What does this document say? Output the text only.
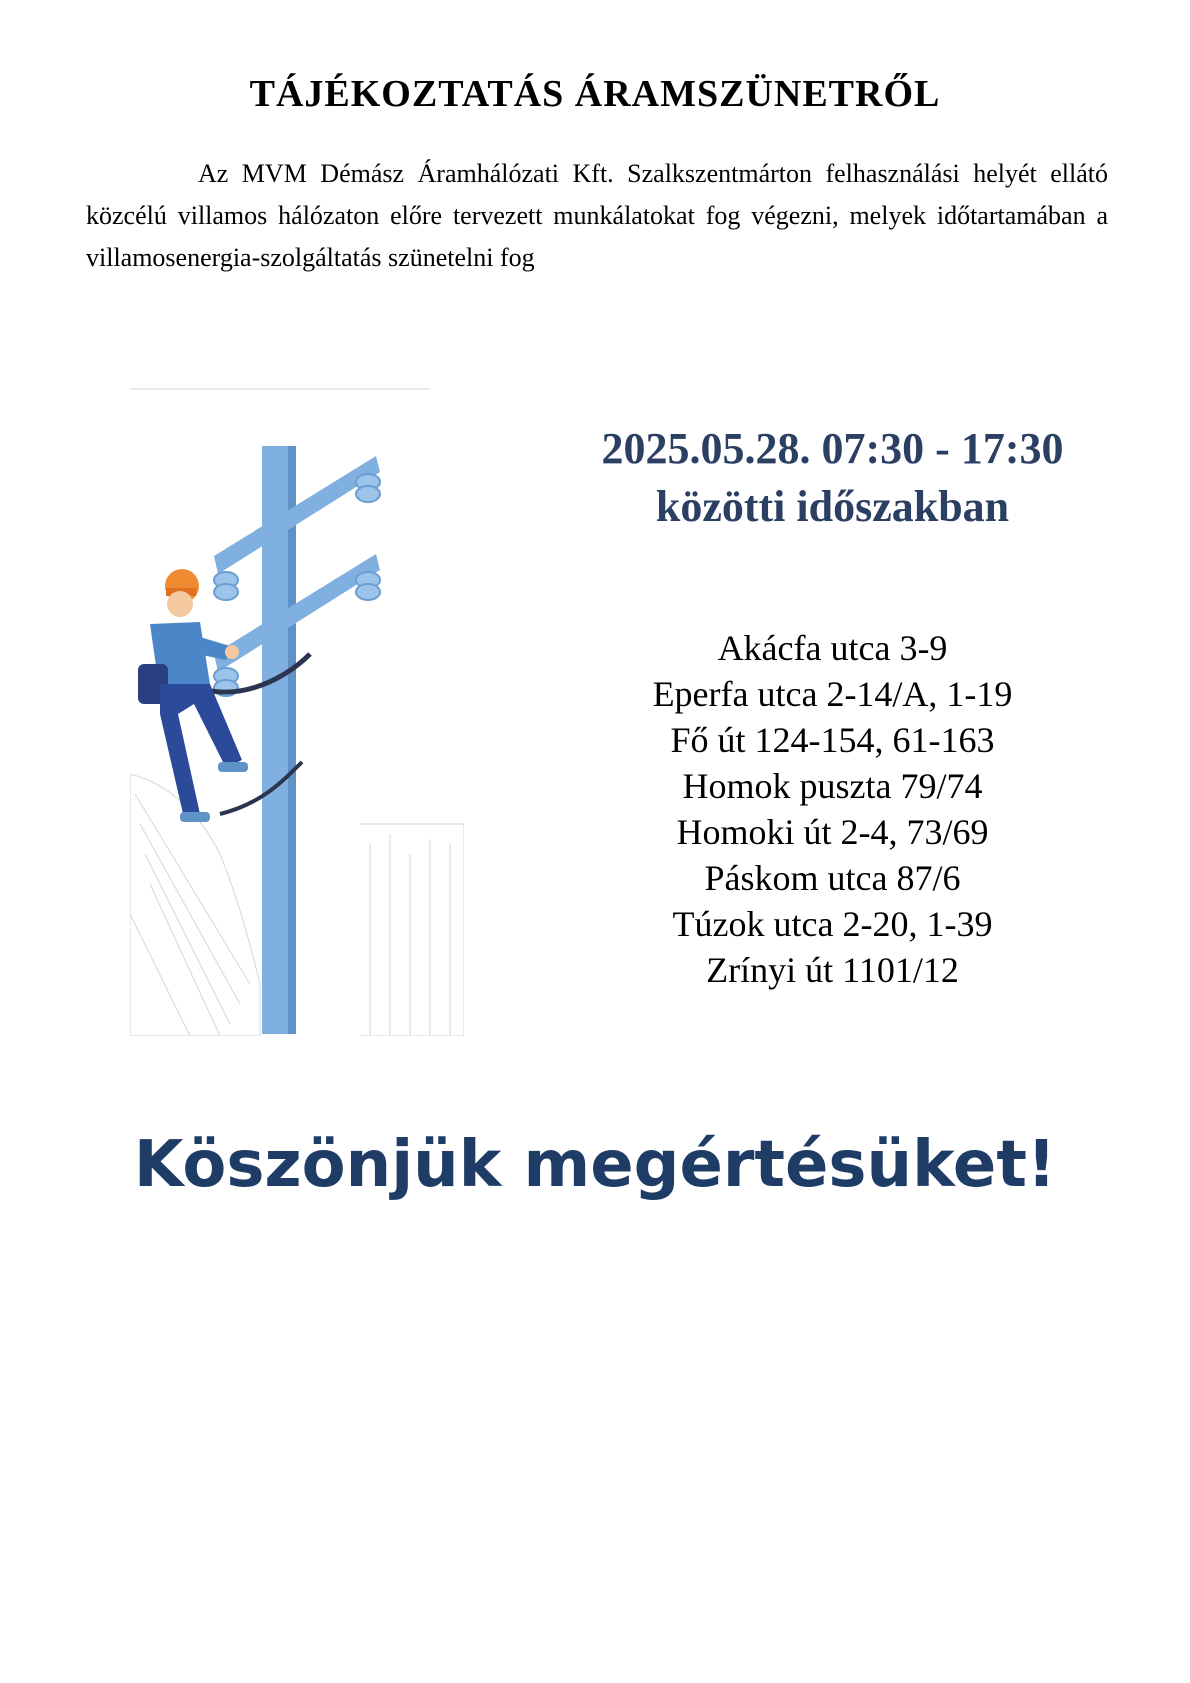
TÁJÉKOZTATÁS ÁRAMSZÜNETRŐL
Az MVM Démász Áramhálózati Kft. Szalkszentmárton felhasználási helyét ellátó közcélú villamos hálózaton előre tervezett munkálatokat fog végezni, melyek időtartamában a villamosenergia-szolgáltatás szünetelni fog
2025.05.28. 07:30 - 17:30
közötti időszakban
Akácfa utca 3-9
Eperfa utca 2-14/A, 1-19
Fő út 124-154, 61-163
Homok puszta 79/74
Homoki út 2-4, 73/69
Páskom utca 87/6
Túzok utca 2-20, 1-39
Zrínyi út 1101/12
Köszönjük megértésüket!
